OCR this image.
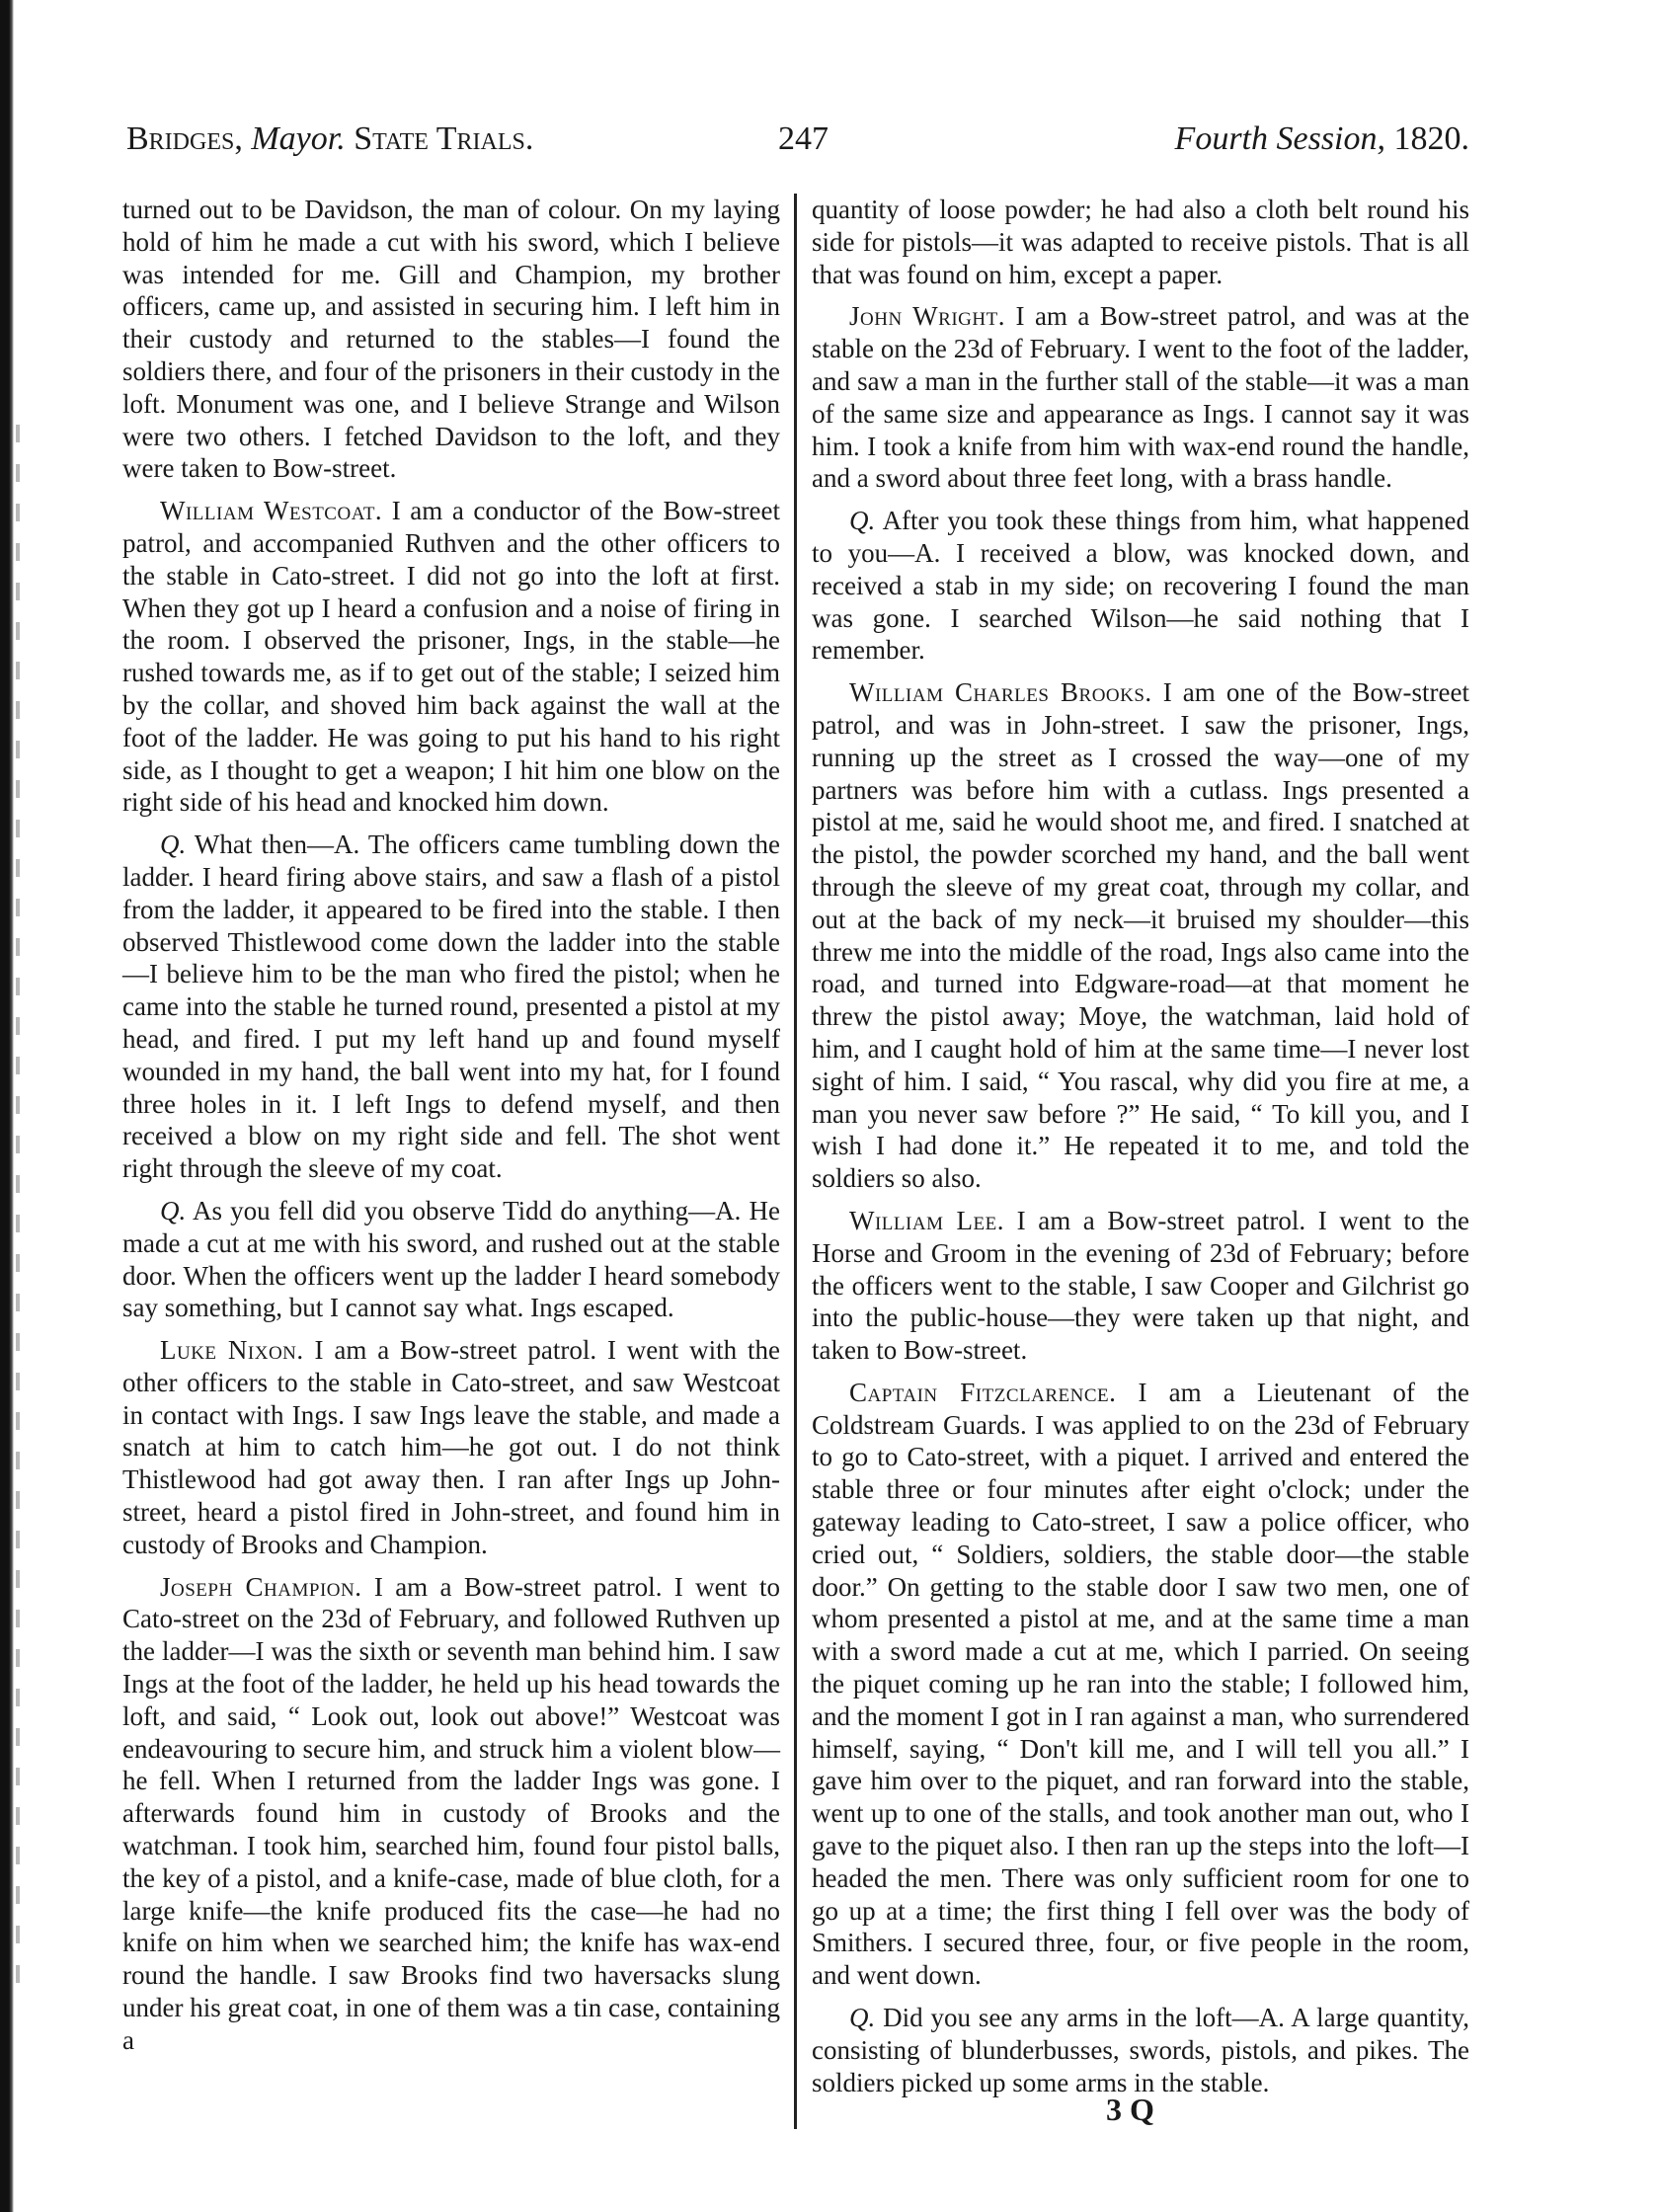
Bridges, Mayor. State Trials.	247	Fourth Session, 1820.

turned out to be Davidson, the man of colour. On my laying hold of him he made a cut with his sword, which I believe was intended for me. Gill and Champion, my brother officers, came up, and assisted in securing him. I left him in their custody and returned to the stables—I found the soldiers there, and four of the prisoners in their custody in the loft. Monument was one, and I believe Strange and Wilson were two others. I fetched Davidson to the loft, and they were taken to Bow-street.

William Westcoat. I am a conductor of the Bow-street patrol, and accompanied Ruthven and the other officers to the stable in Cato-street. I did not go into the loft at first. When they got up I heard a confusion and a noise of firing in the room. I observed the prisoner, Ings, in the stable—he rushed towards me, as if to get out of the stable; I seized him by the collar, and shoved him back against the wall at the foot of the ladder. He was going to put his hand to his right side, as I thought to get a weapon; I hit him one blow on the right side of his head and knocked him down.

Q. What then—A. The officers came tumbling down the ladder. I heard firing above stairs, and saw a flash of a pistol from the ladder, it appeared to be fired into the stable. I then observed Thistlewood come down the ladder into the stable—I believe him to be the man who fired the pistol; when he came into the stable he turned round, presented a pistol at my head, and fired. I put my left hand up and found myself wounded in my hand, the ball went into my hat, for I found three holes in it. I left Ings to defend myself, and then received a blow on my right side and fell. The shot went right through the sleeve of my coat.

Q. As you fell did you observe Tidd do anything—A. He made a cut at me with his sword, and rushed out at the stable door. When the officers went up the ladder I heard somebody say something, but I cannot say what. Ings escaped.

Luke Nixon. I am a Bow-street patrol. I went with the other officers to the stable in Cato-street, and saw Westcoat in contact with Ings. I saw Ings leave the stable, and made a snatch at him to catch him—he got out. I do not think Thistlewood had got away then. I ran after Ings up John-street, heard a pistol fired in John-street, and found him in custody of Brooks and Champion.

Joseph Champion. I am a Bow-street patrol. I went to Cato-street on the 23d of February, and followed Ruthven up the ladder—I was the sixth or seventh man behind him. I saw Ings at the foot of the ladder, he held up his head towards the loft, and said, “ Look out, look out above!” Westcoat was endeavouring to secure him, and struck him a violent blow—he fell. When I returned from the ladder Ings was gone. I afterwards found him in custody of Brooks and the watchman. I took him, searched him, found four pistol balls, the key of a pistol, and a knife-case, made of blue cloth, for a large knife—the knife produced fits the case—he had no knife on him when we searched him; the knife has wax-end round the handle. I saw Brooks find two haversacks slung under his great coat, in one of them was a tin case, containing a

quantity of loose powder; he had also a cloth belt round his side for pistols—it was adapted to receive pistols. That is all that was found on him, except a paper.

John Wright. I am a Bow-street patrol, and was at the stable on the 23d of February. I went to the foot of the ladder, and saw a man in the further stall of the stable—it was a man of the same size and appearance as Ings. I cannot say it was him. I took a knife from him with wax-end round the handle, and a sword about three feet long, with a brass handle.

Q. After you took these things from him, what happened to you—A. I received a blow, was knocked down, and received a stab in my side; on recovering I found the man was gone. I searched Wilson—he said nothing that I remember.

William Charles Brooks. I am one of the Bow-street patrol, and was in John-street. I saw the prisoner, Ings, running up the street as I crossed the way—one of my partners was before him with a cutlass. Ings presented a pistol at me, said he would shoot me, and fired. I snatched at the pistol, the powder scorched my hand, and the ball went through the sleeve of my great coat, through my collar, and out at the back of my neck—it bruised my shoulder—this threw me into the middle of the road, Ings also came into the road, and turned into Edgware-road—at that moment he threw the pistol away; Moye, the watchman, laid hold of him, and I caught hold of him at the same time—I never lost sight of him. I said, “ You rascal, why did you fire at me, a man you never saw before ?” He said, “ To kill you, and I wish I had done it.” He repeated it to me, and told the soldiers so also.

William Lee. I am a Bow-street patrol. I went to the Horse and Groom in the evening of 23d of February; before the officers went to the stable, I saw Cooper and Gilchrist go into the public-house—they were taken up that night, and taken to Bow-street.

Captain Fitzclarence. I am a Lieutenant of the Coldstream Guards. I was applied to on the 23d of February to go to Cato-street, with a piquet. I arrived and entered the stable three or four minutes after eight o'clock; under the gateway leading to Cato-street, I saw a police officer, who cried out, “ Soldiers, soldiers, the stable door—the stable door.” On getting to the stable door I saw two men, one of whom presented a pistol at me, and at the same time a man with a sword made a cut at me, which I parried. On seeing the piquet coming up he ran into the stable; I followed him, and the moment I got in I ran against a man, who surrendered himself, saying, “ Don't kill me, and I will tell you all.” I gave him over to the piquet, and ran forward into the stable, went up to one of the stalls, and took another man out, who I gave to the piquet also. I then ran up the steps into the loft—I headed the men. There was only sufficient room for one to go up at a time; the first thing I fell over was the body of Smithers. I secured three, four, or five people in the room, and went down.

Q. Did you see any arms in the loft—A. A large quantity, consisting of blunderbusses, swords, pistols, and pikes. The soldiers picked up some arms in the stable.

3 Q
